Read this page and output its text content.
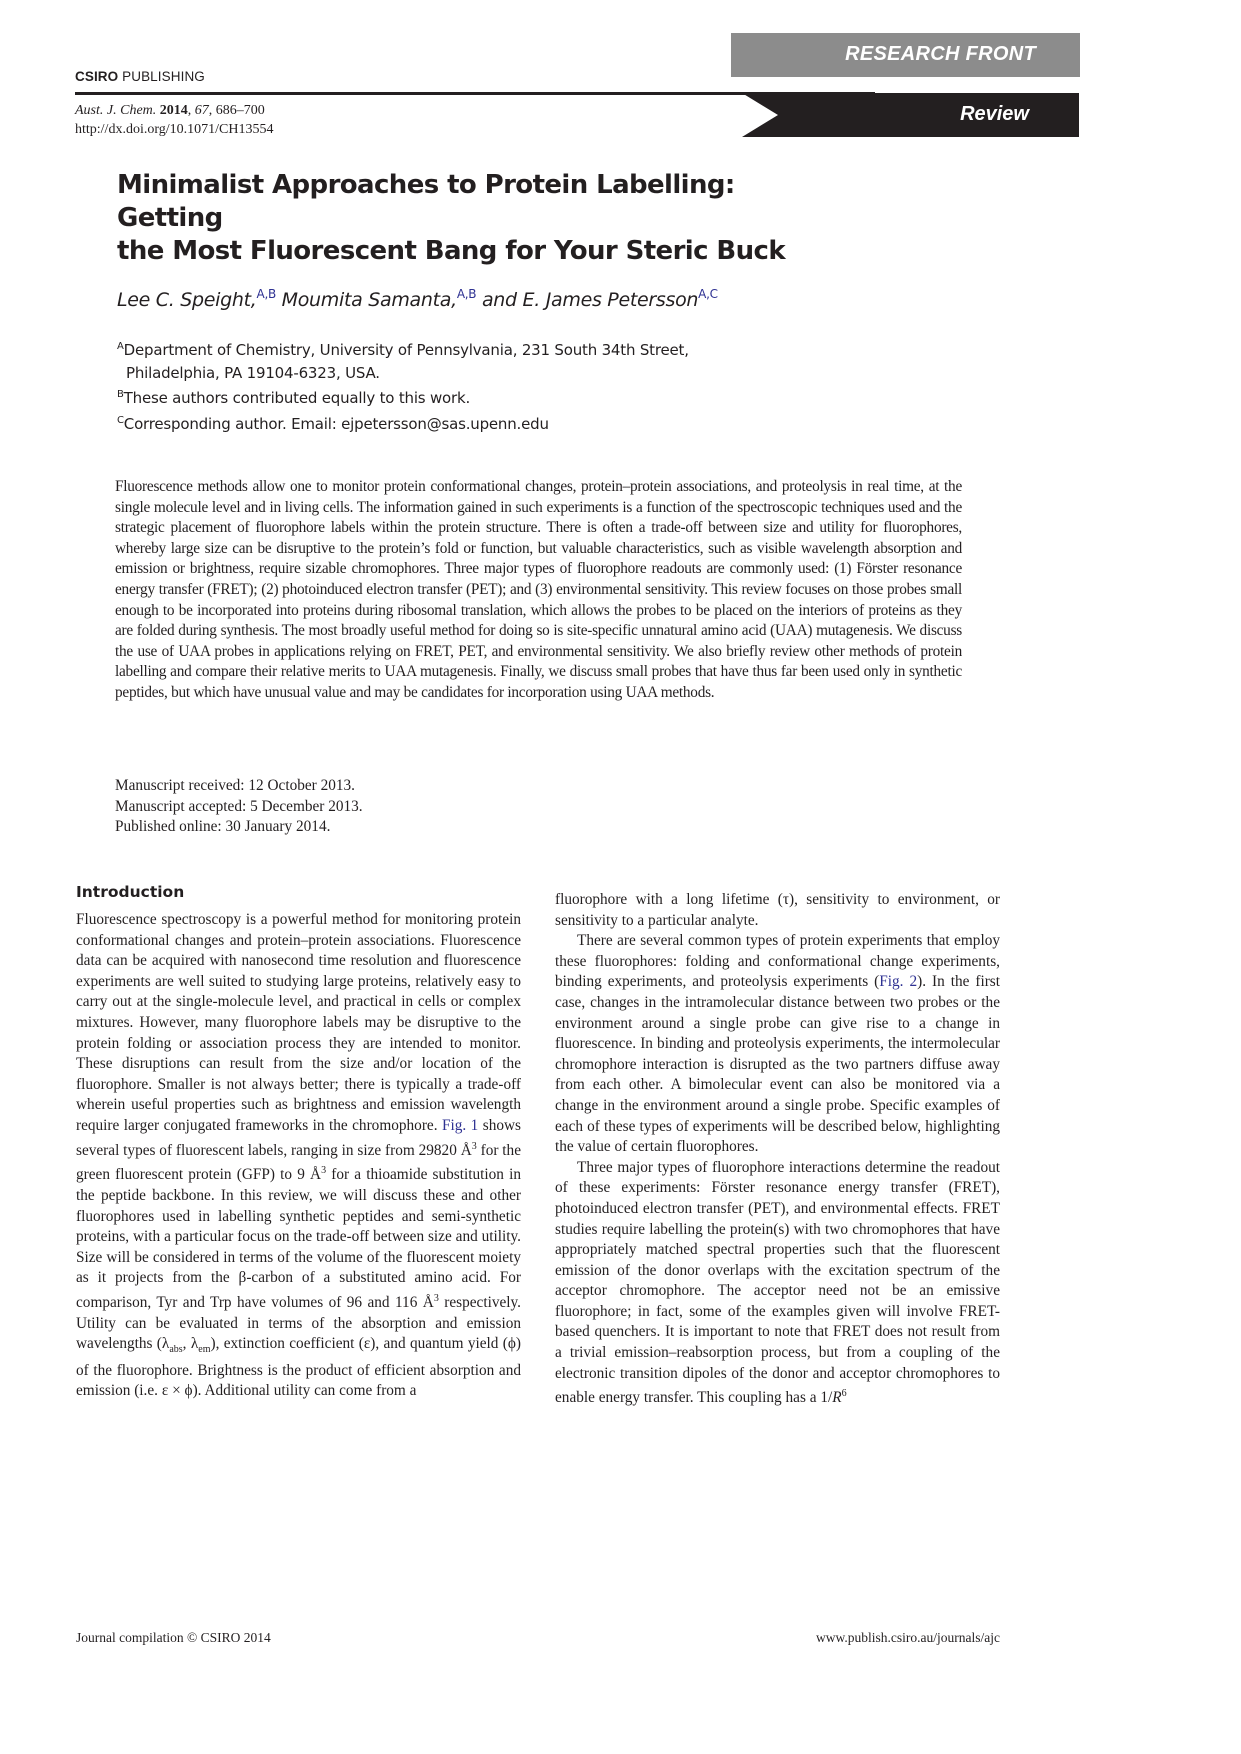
CSIRO PUBLISHING
RESEARCH FRONT
Review
Aust. J. Chem. 2014, 67, 686–700
http://dx.doi.org/10.1071/CH13554
Minimalist Approaches to Protein Labelling: Getting
the Most Fluorescent Bang for Your Steric Buck
Lee C. Speight,$^{A,B}$ Moumita Samanta,$^{A,B}$ and E. James Petersson$^{A,C}$
$^A$Department of Chemistry, University of Pennsylvania, 231 South 34th Street,
Philadelphia, PA 19104-6323, USA.
$^B$These authors contributed equally to this work.
$^C$Corresponding author. Email: ejpetersson@sas.upenn.edu
Fluorescence methods allow one to monitor protein conformational changes, protein–protein associations, and proteolysis in real time, at the single molecule level and in living cells. The information gained in such experiments is a function of the spectroscopic techniques used and the strategic placement of fluorophore labels within the protein structure. There is often a trade-off between size and utility for fluorophores, whereby large size can be disruptive to the protein’s fold or function, but valuable characteristics, such as visible wavelength absorption and emission or brightness, require sizable chromophores. Three major types of fluorophore readouts are commonly used: (1) Förster resonance energy transfer (FRET); (2) photoinduced electron transfer (PET); and (3) environmental sensitivity. This review focuses on those probes small enough to be incorporated into proteins during ribosomal translation, which allows the probes to be placed on the interiors of proteins as they are folded during synthesis. The most broadly useful method for doing so is site-specific unnatural amino acid (UAA) mutagenesis. We discuss the use of UAA probes in applications relying on FRET, PET, and environmental sensitivity. We also briefly review other methods of protein labelling and compare their relative merits to UAA mutagenesis. Finally, we discuss small probes that have thus far been used only in synthetic peptides, but which have unusual value and may be candidates for incorporation using UAA methods.
Manuscript received: 12 October 2013.
Manuscript accepted: 5 December 2013.
Published online: 30 January 2014.
Introduction

Fluorescence spectroscopy is a powerful method for monitoring protein conformational changes and protein–protein associations. Fluorescence data can be acquired with nanosecond time resolution and fluorescence experiments are well suited to studying large proteins, relatively easy to carry out at the single-molecule level, and practical in cells or complex mixtures. However, many fluorophore labels may be disruptive to the protein folding or association process they are intended to monitor. These disruptions can result from the size and/or location of the fluorophore. Smaller is not always better; there is typically a trade-off wherein useful properties such as brightness and emission wavelength require larger conjugated frameworks in the chromophore. Fig. 1 shows several types of fluorescent labels, ranging in size from 29820 $Å^3$ for the green fluorescent protein (GFP) to 9 $Å^3$ for a thioamide substitution in the peptide backbone. In this review, we will discuss these and other fluorophores used in labelling synthetic peptides and semi-synthetic proteins, with a particular focus on the trade-off between size and utility. Size will be considered in terms of the volume of the fluorescent moiety as it projects from the β-carbon of a substituted amino acid. For comparison, Tyr and Trp have volumes of 96 and 116 $Å^3$ respectively. Utility can be evaluated in terms of the absorption and emission wavelengths ($\lambda_{abs}$, $\lambda_{em}$), extinction coefficient (ε), and quantum yield (ϕ) of the fluorophore. Brightness is the product of efficient absorption and emission (i.e. ε × ϕ). Additional utility can come from a

fluorophore with a long lifetime (τ), sensitivity to environment, or sensitivity to a particular analyte.

There are several common types of protein experiments that employ these fluorophores: folding and conformational change experiments, binding experiments, and proteolysis experiments (Fig. 2). In the first case, changes in the intramolecular distance between two probes or the environment around a single probe can give rise to a change in fluorescence. In binding and proteolysis experiments, the intermolecular chromophore interaction is disrupted as the two partners diffuse away from each other. A bimolecular event can also be monitored via a change in the environment around a single probe. Specific examples of each of these types of experiments will be described below, highlighting the value of certain fluorophores.

Three major types of fluorophore interactions determine the readout of these experiments: Förster resonance energy transfer (FRET), photoinduced electron transfer (PET), and environmental effects. FRET studies require labelling the protein(s) with two chromophores that have appropriately matched spectral properties such that the fluorescent emission of the donor overlaps with the excitation spectrum of the acceptor chromophore. The acceptor need not be an emissive fluorophore; in fact, some of the examples given will involve FRET-based quenchers. It is important to note that FRET does not result from a trivial emission–reabsorption process, but from a coupling of the electronic transition dipoles of the donor and acceptor chromophores to enable energy transfer. This coupling has a $1/R^6$

Journal compilation © CSIRO 2014	www.publish.csiro.au/journals/ajc
